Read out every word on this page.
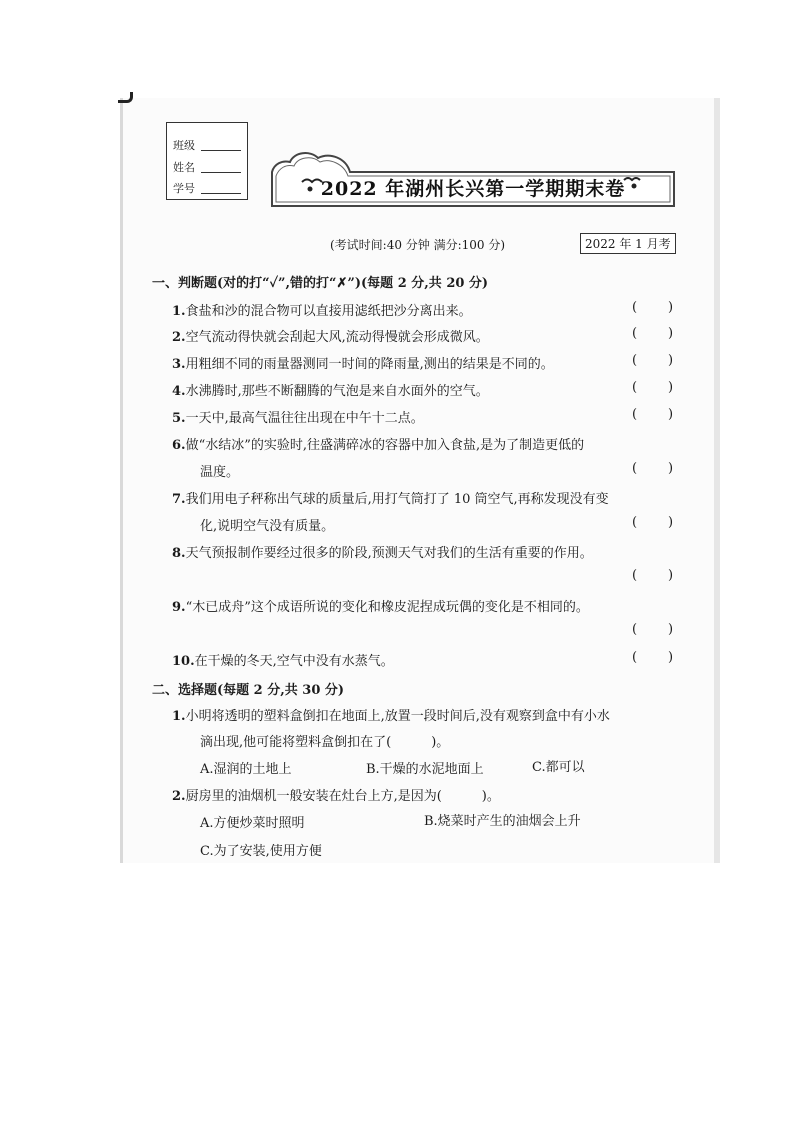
班级
姓名
学号	2022 年湖州长兴第一学期期末卷
(考试时间:40 分钟 满分:100 分)	2022 年 1 月考
一、判断题(对的打“✓”,错的打“✗”)(每题 2 分,共 20 分)
1.食盐和沙的混合物可以直接用滤纸把沙分离出来。	( )
2.空气流动得快就会刮起大风,流动得慢就会形成微风。	( )
3.用粗细不同的雨量器测同一时间的降雨量,测出的结果是不同的。	( )
4.水沸腾时,那些不断翻腾的气泡是来自水面外的空气。	( )
5.一天中,最高气温往往出现在中午十二点。	( )
6.做“水结冰”的实验时,往盛满碎冰的容器中加入食盐,是为了制造更低的
温度。	( )
7.我们用电子秤称出气球的质量后,用打气筒打了 10 筒空气,再称发现没有变
化,说明空气没有质量。	( )
8.天气预报制作要经过很多的阶段,预测天气对我们的生活有重要的作用。
( )
9.“木已成舟”这个成语所说的变化和橡皮泥捏成玩偶的变化是不相同的。
( )
10.在干燥的冬天,空气中没有水蒸气。	( )
二、选择题(每题 2 分,共 30 分)
1.小明将透明的塑料盒倒扣在地面上,放置一段时间后,没有观察到盒中有小水
滴出现,他可能将塑料盒倒扣在了(	)。
A.湿润的土地上	B.干燥的水泥地面上	C.都可以
2.厨房里的油烟机一般安装在灶台上方,是因为(	)。
A.方便炒菜时照明	B.烧菜时产生的油烟会上升
C.为了安装,使用方便
